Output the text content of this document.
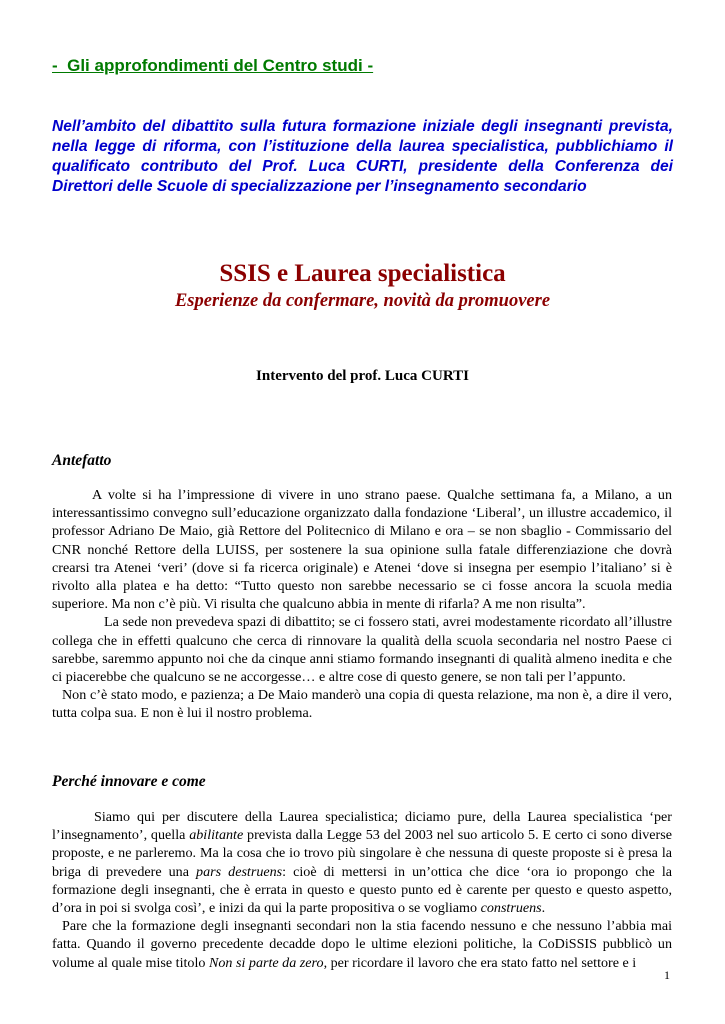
-  Gli approfondimenti del Centro studi -
Nell’ambito del dibattito sulla futura formazione iniziale degli insegnanti prevista, nella legge di riforma, con l’istituzione della laurea specialistica, pubblichiamo il qualificato contributo del Prof. Luca CURTI, presidente della Conferenza dei Direttori delle Scuole di specializzazione per l’insegnamento secondario
SSIS e Laurea specialistica
Esperienze da confermare, novità da promuovere
Intervento del prof. Luca CURTI
Antefatto

A volte si ha l’impressione di vivere in uno strano paese. Qualche settimana fa, a Milano, a un interessantissimo convegno sull’educazione organizzato dalla fondazione ‘Liberal’, un illustre accademico, il professor Adriano De Maio, già Rettore del Politecnico di Milano e ora – se non sbaglio - Commissario del CNR nonché Rettore della LUISS, per sostenere la sua opinione sulla fatale differenziazione che dovrà crearsi tra Atenei ‘veri’ (dove si fa ricerca originale) e Atenei ‘dove si insegna per esempio l’italiano’ si è rivolto alla platea e ha detto: “Tutto questo non sarebbe necessario se ci fosse ancora la scuola media superiore. Ma non c’è più. Vi risulta che qualcuno abbia in mente di rifarla? A me non risulta”.

La sede non prevedeva spazi di dibattito; se ci fossero stati, avrei modestamente ricordato all’illustre collega che in effetti qualcuno che cerca di rinnovare la qualità della scuola secondaria nel nostro Paese ci sarebbe, saremmo appunto noi che da cinque anni stiamo formando insegnanti di qualità almeno inedita e che ci piacerebbe che qualcuno se ne accorgesse… e altre cose di questo genere, se non tali per l’appunto.

Non c’è stato modo, e pazienza; a De Maio manderò una copia di questa relazione, ma non è, a dire il vero, tutta colpa sua. E non è lui il nostro problema.

Perché innovare e come

Siamo qui per discutere della Laurea specialistica; diciamo pure, della Laurea specialistica ‘per l’insegnamento’, quella abilitante prevista dalla Legge 53 del 2003 nel suo articolo 5. E certo ci sono diverse proposte, e ne parleremo. Ma la cosa che io trovo più singolare è che nessuna di queste proposte si è presa la briga di prevedere una pars destruens: cioè di mettersi in un’ottica che dice ‘ora io propongo che la formazione degli insegnanti, che è errata in questo e questo punto ed è carente per questo e questo aspetto, d’ora in poi si svolga così’, e inizi da qui la parte propositiva o se vogliamo construens.

Pare che la formazione degli insegnanti secondari non la stia facendo nessuno e che nessuno l’abbia mai fatta. Quando il governo precedente decadde dopo le ultime elezioni politiche, la CoDiSSIS pubblicò un volume al quale mise titolo Non si parte da zero, per ricordare il lavoro che era stato fatto nel settore e i

1
